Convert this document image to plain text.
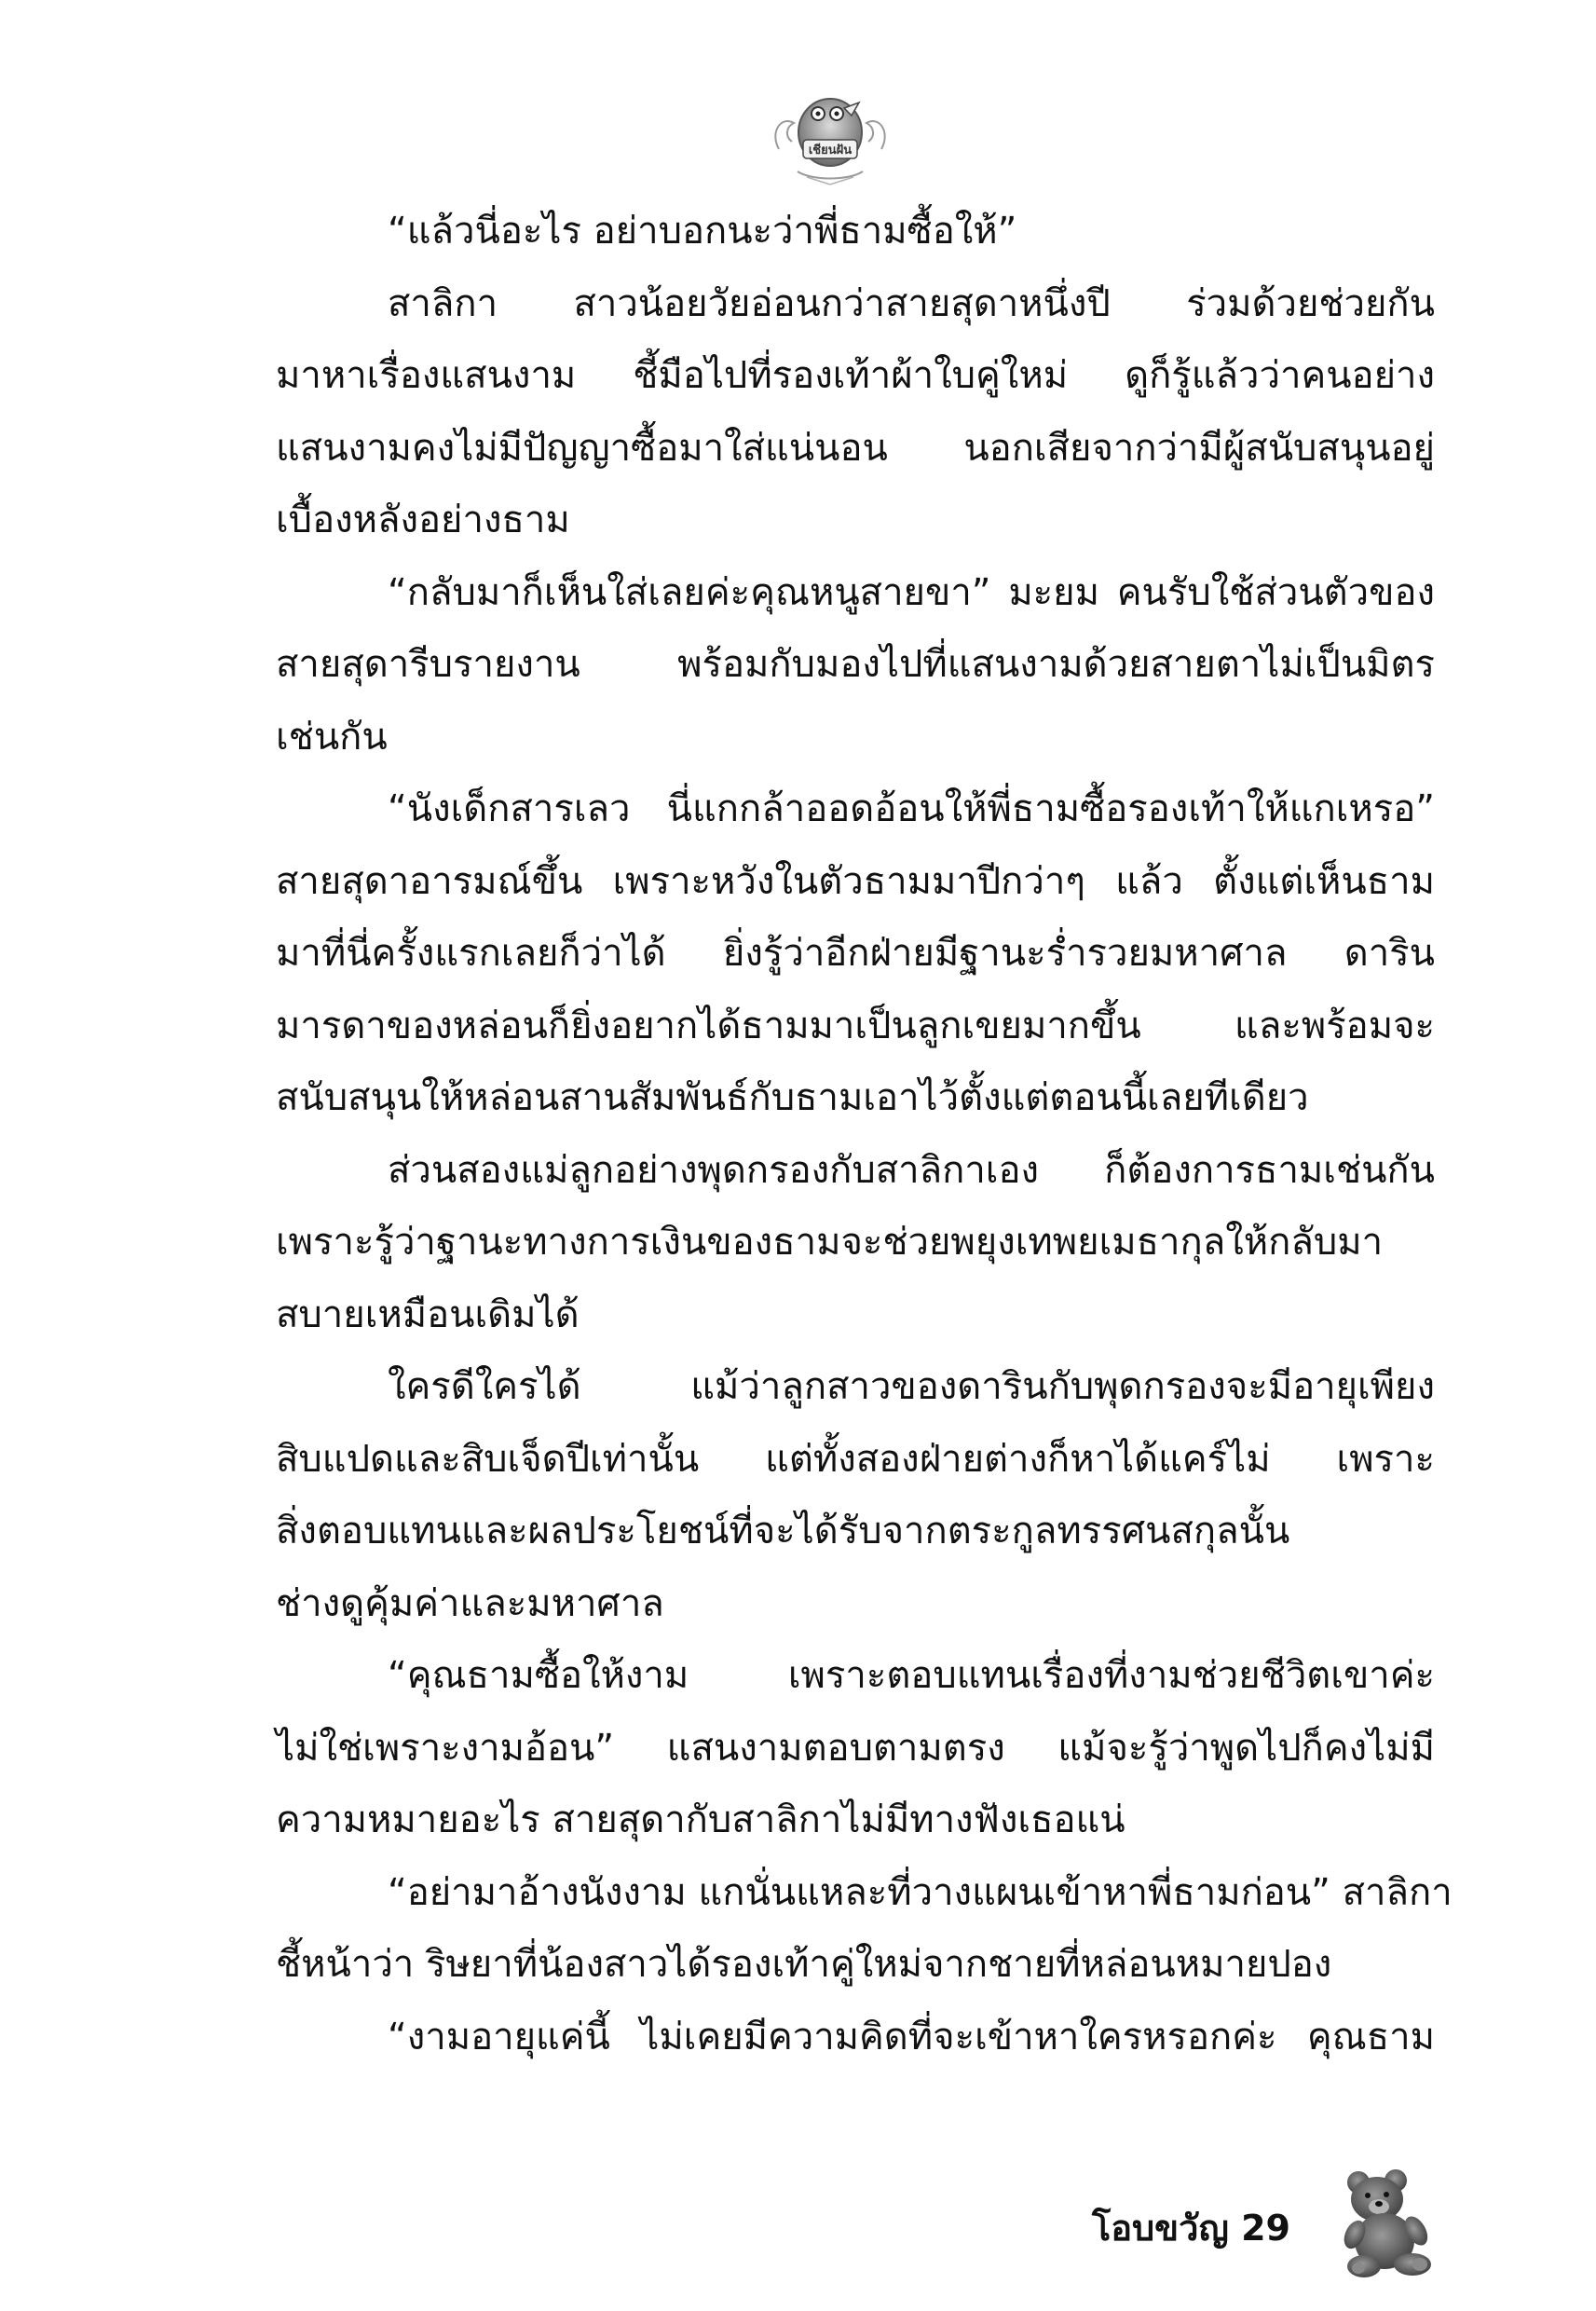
เชียนฝัน
“แล้วนี่อะไร อย่าบอกนะว่าพี่ธามซื้อให้”
สาลิกา สาวน้อยวัยอ่อนกว่าสายสุดาหนึ่งปี ร่วมด้วยช่วยกัน
มาหาเรื่องแสนงาม ชี้มือไปที่รองเท้าผ้าใบคู่ใหม่ ดูก็รู้แล้วว่าคนอย่าง
แสนงามคงไม่มีปัญญาซื้อมาใส่แน่นอน นอกเสียจากว่ามีผู้สนับสนุนอยู่
เบื้องหลังอย่างธาม
“กลับมาก็เห็นใส่เลยค่ะคุณหนูสายขา” มะยม คนรับใช้ส่วนตัวของ
สายสุดารีบรายงาน พร้อมกับมองไปที่แสนงามด้วยสายตาไม่เป็นมิตร
เช่นกัน
“นังเด็กสารเลว นี่แกกล้าออดอ้อนให้พี่ธามซื้อรองเท้าให้แกเหรอ”
สายสุดาอารมณ์ขึ้น เพราะหวังในตัวธามมาปีกว่าๆ แล้ว ตั้งแต่เห็นธาม
มาที่นี่ครั้งแรกเลยก็ว่าได้ ยิ่งรู้ว่าอีกฝ่ายมีฐานะร่ำรวยมหาศาล ดาริน
มารดาของหล่อนก็ยิ่งอยากได้ธามมาเป็นลูกเขยมากขึ้น และพร้อมจะ
สนับสนุนให้หล่อนสานสัมพันธ์กับธามเอาไว้ตั้งแต่ตอนนี้เลยทีเดียว
ส่วนสองแม่ลูกอย่างพุดกรองกับสาลิกาเอง ก็ต้องการธามเช่นกัน
เพราะรู้ว่าฐานะทางการเงินของธามจะช่วยพยุงเทพยเมธากุลให้กลับมา
สบายเหมือนเดิมได้
ใครดีใครได้ แม้ว่าลูกสาวของดารินกับพุดกรองจะมีอายุเพียง
สิบแปดและสิบเจ็ดปีเท่านั้น แต่ทั้งสองฝ่ายต่างก็หาได้แคร์ไม่ เพราะ
สิ่งตอบแทนและผลประโยชน์ที่จะได้รับจากตระกูลทรรศนสกุลนั้น
ช่างดูคุ้มค่าและมหาศาล
“คุณธามซื้อให้งาม เพราะตอบแทนเรื่องที่งามช่วยชีวิตเขาค่ะ
ไม่ใช่เพราะงามอ้อน” แสนงามตอบตามตรง แม้จะรู้ว่าพูดไปก็คงไม่มี
ความหมายอะไร สายสุดากับสาลิกาไม่มีทางฟังเธอแน่
“อย่ามาอ้างนังงาม แกนั่นแหละที่วางแผนเข้าหาพี่ธามก่อน” สาลิกา
ชี้หน้าว่า ริษยาที่น้องสาวได้รองเท้าคู่ใหม่จากชายที่หล่อนหมายปอง
“งามอายุแค่นี้ ไม่เคยมีความคิดที่จะเข้าหาใครหรอกค่ะ คุณธาม
โอบขวัญ 29
